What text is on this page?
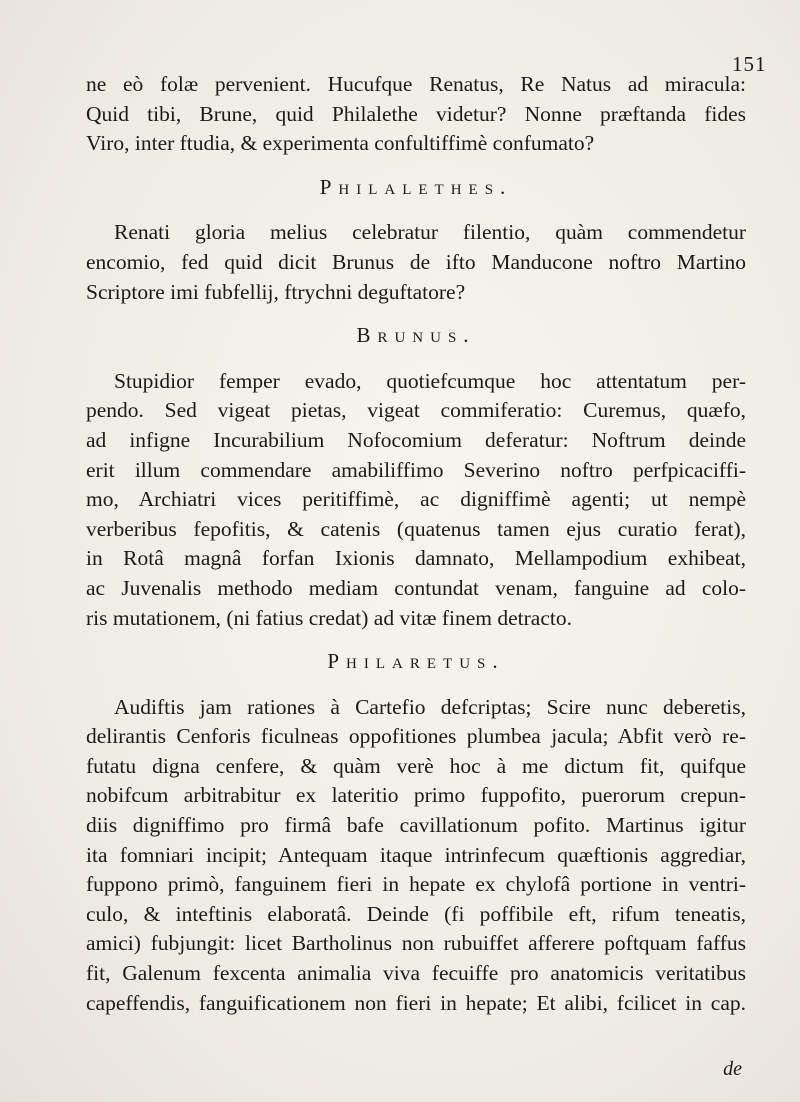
151

ne eò folæ pervenient. Hucufque Renatus, Re Natus ad miracula:
Quid tibi, Brune, quid Philalethe videtur? Nonne præftanda fides
Viro, inter ftudia, & experimenta confultiffimè confumato?

Philalethes.

Renati gloria melius celebratur filentio, quàm commendetur
encomio, fed quid dicit Brunus de ifto Manducone noftro Martino
Scriptore imi fubfellij, ftrychni deguftatore?

Brunus.

Stupidior femper evado, quotiefcumque hoc attentatum per-
pendo. Sed vigeat pietas, vigeat commiferatio: Curemus, quæfo,
ad infigne Incurabilium Nofocomium deferatur: Noftrum deinde
erit illum commendare amabiliffimo Severino noftro perfpicaciffi-
mo, Archiatri vices peritiffimè, ac digniffimè agenti; ut nempè
verberibus fepofitis, & catenis (quatenus tamen ejus curatio ferat),
in Rotâ magnâ forfan Ixionis damnato, Mellampodium exhibeat,
ac Juvenalis methodo mediam contundat venam, fanguine ad colo-
ris mutationem, (ni fatius credat) ad vitæ finem detracto.

Philaretus.

Audiftis jam rationes à Cartefio defcriptas; Scire nunc deberetis,
delirantis Cenforis ficulneas oppofitiones plumbea jacula; Abfit verò re-
futatu digna cenfere, & quàm verè hoc à me dictum fit, quifque
nobifcum arbitrabitur ex lateritio primo fuppofito, puerorum crepun-
diis digniffimo pro firmâ bafe cavillationum pofito. Martinus igitur
ita fomniari incipit; Antequam itaque intrinfecum quæftionis aggrediar,
fuppono primò, fanguinem fieri in hepate ex chylofâ portione in ventri-
culo, & inteftinis elaboratâ. Deinde (fi poffibile eft, rifum teneatis,
amici) fubjungit: licet Bartholinus non rubuiffet afferere poftquam faffus
fit, Galenum fexcenta animalia viva fecuiffe pro anatomicis veritatibus
capeffendis, fanguificationem non fieri in hepate; Et alibi, fcilicet in cap.

de
